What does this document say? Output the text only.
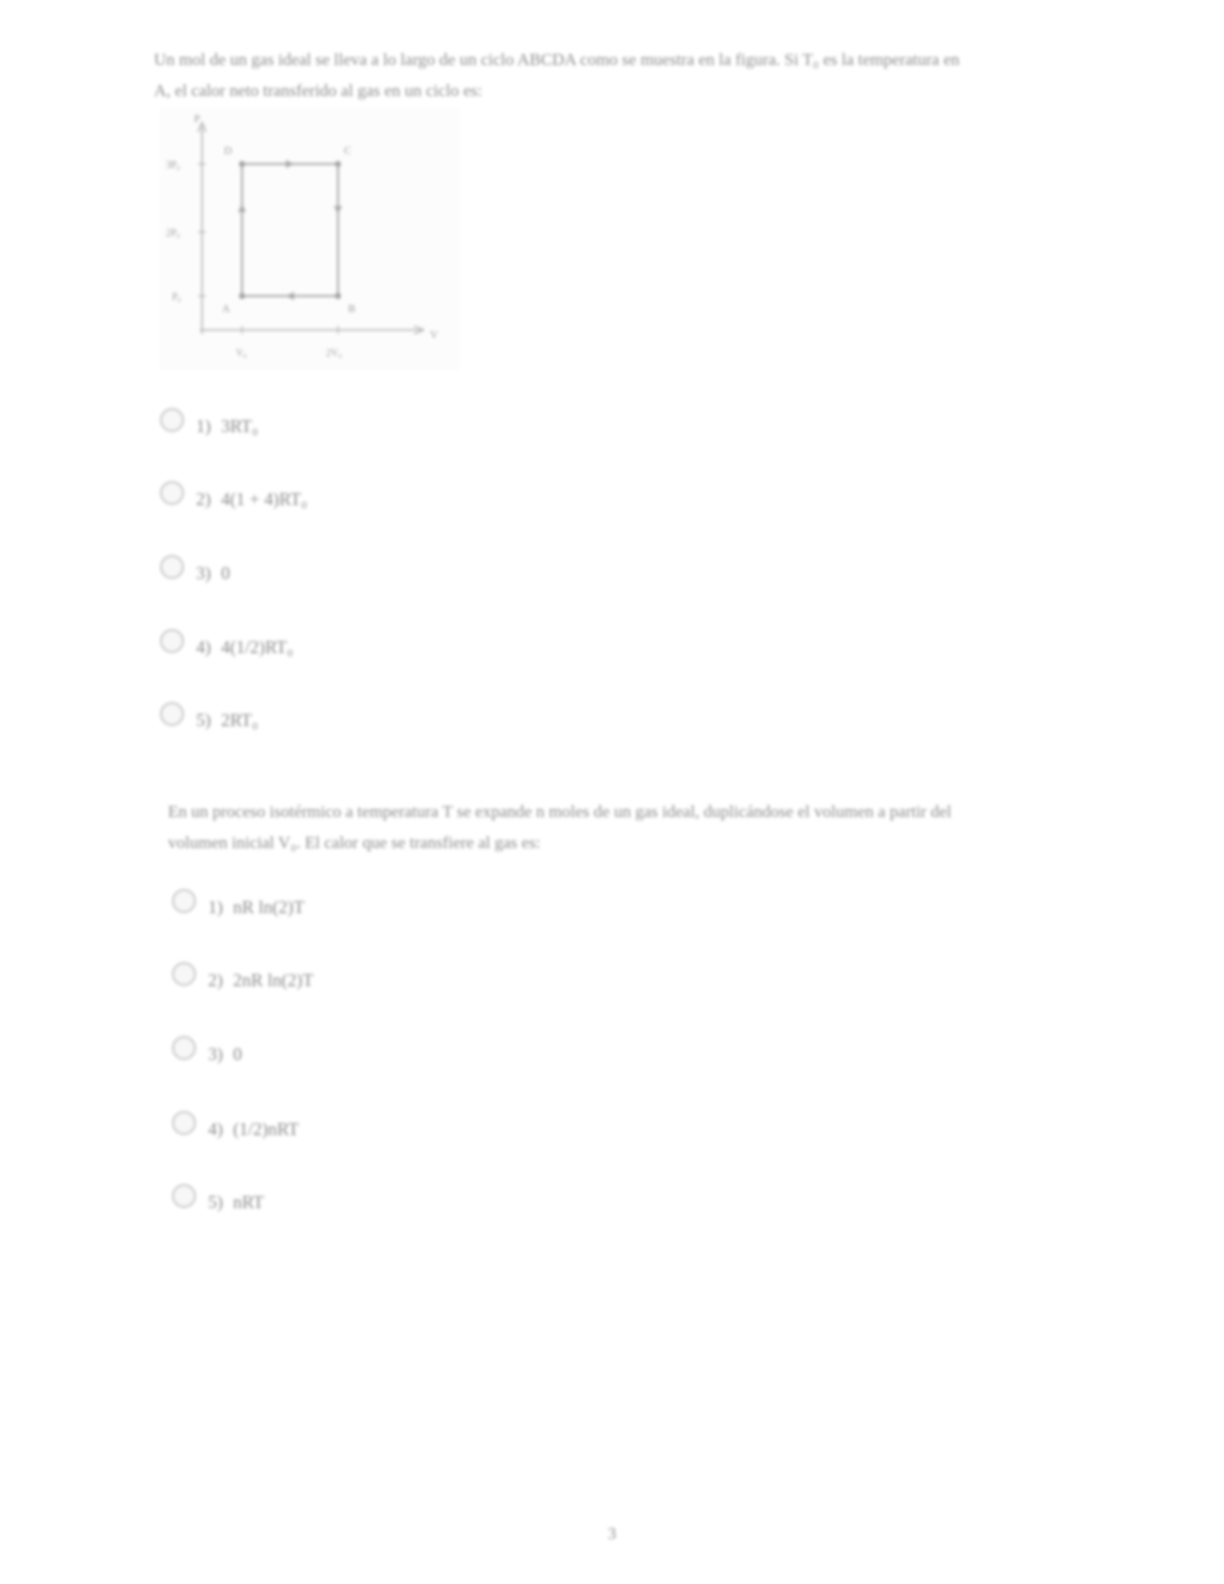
Un mol de un gas ideal se lleva a lo largo de un ciclo ABCDA como se muestra en la figura. Si T₀ es la temperatura en A, el calor neto transferido al gas en un ciclo es:
P
V
3P₀
2P₀
P₀
V₀	2V₀
D	C
A	B
1) 3RT₀
2) 4(1 + 4)RT₀
3) 0
4) 4(1/2)RT₀
5) 2RT₀
En un proceso isotérmico a temperatura T se expande n moles de un gas ideal, duplicándose el volumen a partir del volumen inicial V₀. El calor que se transfiere al gas es:
1) nR ln(2)T
2) 2nR ln(2)T
3) 0
4) (1/2)nRT
5) nRT
3
